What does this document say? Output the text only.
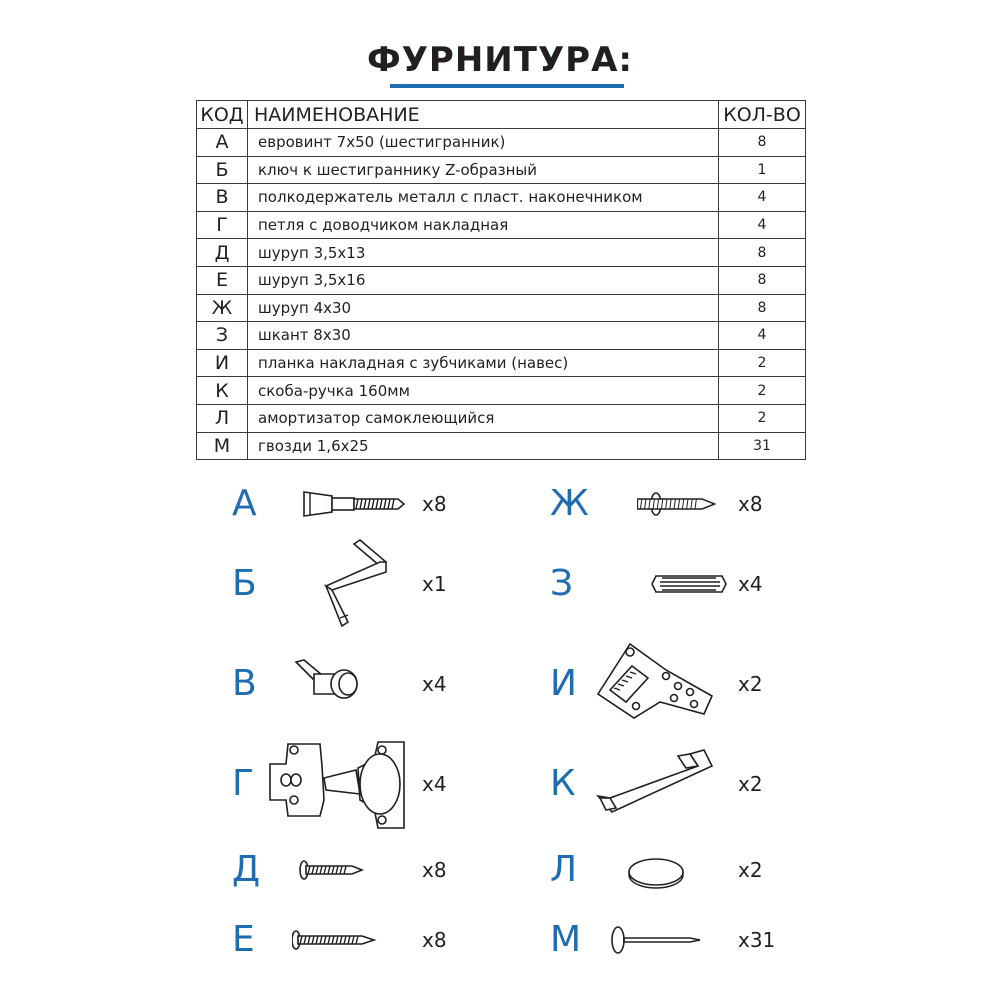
ФУРНИТУРА:
КОД	НАИМЕНОВАНИЕ	КОЛ-ВО
А	евровинт 7х50 (шестигранник)	8
Б	ключ к шестиграннику Z-образный	1
В	полкодержатель металл с пласт. наконечником	4
Г	петля с доводчиком накладная	4
Д	шуруп 3,5х13	8
Е	шуруп 3,5х16	8
Ж	шуруп 4х30	8
З	шкант 8х30	4
И	планка накладная с зубчиками (навес)	2
К	скоба-ручка 160мм	2
Л	амортизатор самоклеющийся	2
М	гвозди 1,6х25	31
А	x8
Б	x1
В	x4
Г	x4
Д	x8
Е	x8
Ж	x8
З	x4
И	x2
К	x2
Л	x2
М	x31
